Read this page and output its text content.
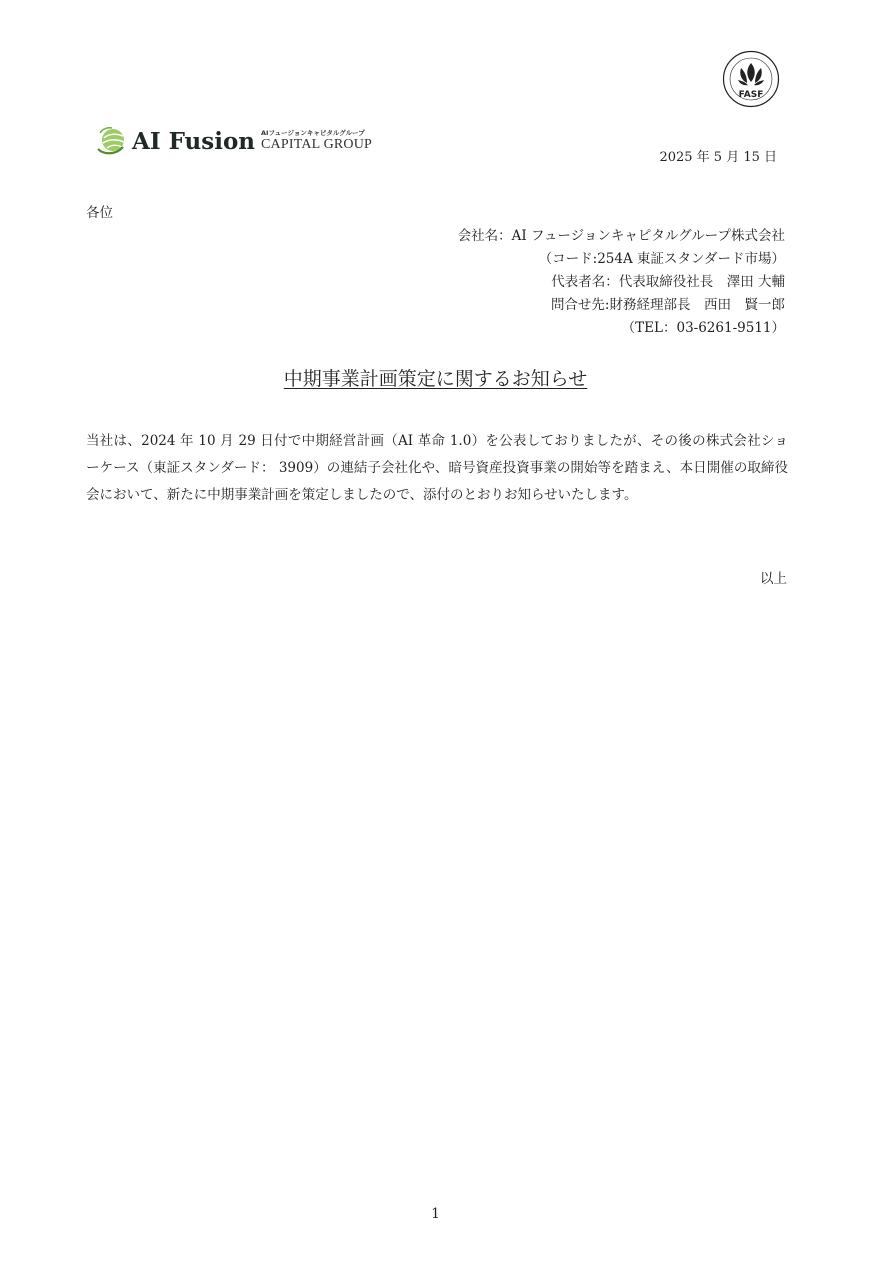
FASF
AI Fusion AIフュージョンキャピタルグループ
CAPITAL GROUP
2025 年 5 月 15 日
各位
会社名：AI フュージョンキャピタルグループ株式会社
（コード:254A 東証スタンダード市場）
代表者名：代表取締役社長　澤田 大輔
問合せ先:財務経理部長　西田　賢一郎
（TEL：03-6261-9511）
中期事業計画策定に関するお知らせ
当社は、2024 年 10 月 29 日付で中期経営計画（AI 革命 1.0）を公表しておりましたが、その後の株式会社ショーケース（東証スタンダード： 3909）の連結子会社化や、暗号資産投資事業の開始等を踏まえ、本日開催の取締役会において、新たに中期事業計画を策定しましたので、添付のとおりお知らせいたします。
以上
1
